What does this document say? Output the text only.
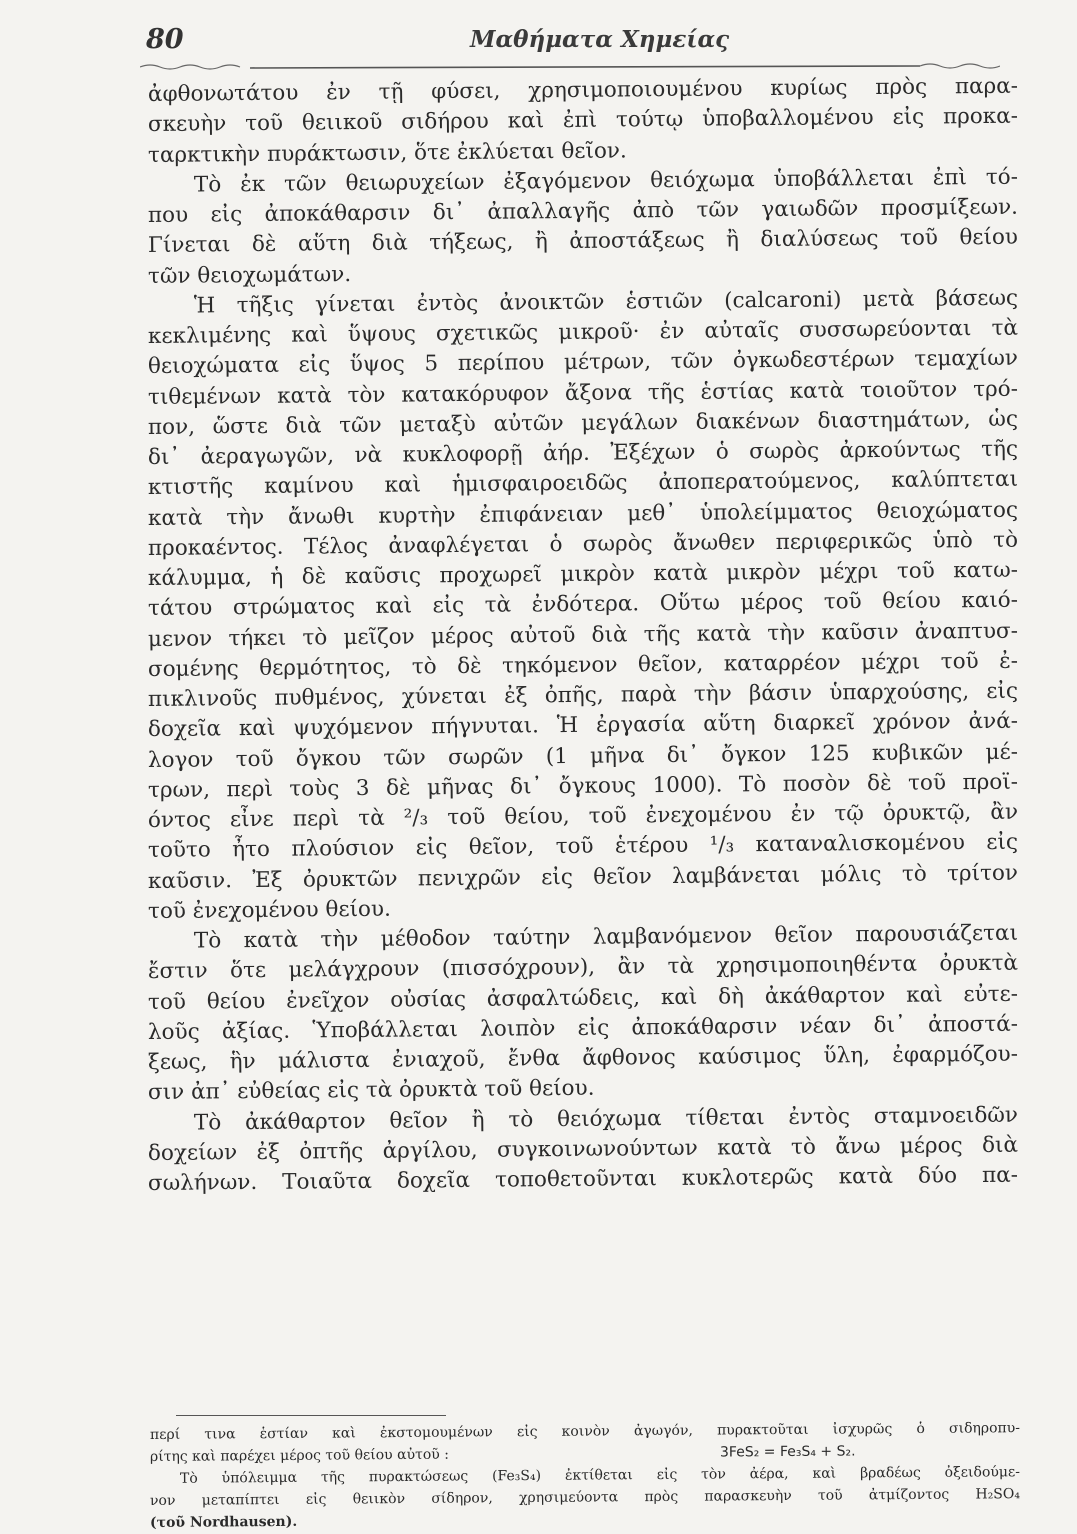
80	Μαθήματα Χημείας
ἀφθονωτάτου ἐν τῇ φύσει, χρησιμοποιουμένου κυρίως πρὸς παρα-
σκευὴν τοῦ θειικοῦ σιδήρου καὶ ἐπὶ τούτῳ ὑποβαλλομένου εἰς προκα-
ταρκτικὴν πυράκτωσιν, ὅτε ἐκλύεται θεῖον.
Τὸ ἐκ τῶν θειωρυχείων ἐξαγόμενον θειόχωμα ὑποβάλλεται ἐπὶ τό-
που εἰς ἀποκάθαρσιν δι᾽ ἀπαλλαγῆς ἀπὸ τῶν γαιωδῶν προσμίξεων.
Γίνεται δὲ αὕτη διὰ τήξεως, ἢ ἀποστάξεως ἢ διαλύσεως τοῦ θείου
τῶν θειοχωμάτων.
Ἡ τῆξις γίνεται ἐντὸς ἀνοικτῶν ἑστιῶν (calcaroni) μετὰ βάσεως
κεκλιμένης καὶ ὕψους σχετικῶς μικροῦ· ἐν αὐταῖς συσσωρεύονται τὰ
θειοχώματα εἰς ὕψος 5 περίπου μέτρων, τῶν ὀγκωδεστέρων τεμαχίων
τιθεμένων κατὰ τὸν κατακόρυφον ἄξονα τῆς ἑστίας κατὰ τοιοῦτον τρό-
πον, ὥστε διὰ τῶν μεταξὺ αὐτῶν μεγάλων διακένων διαστημάτων, ὡς
δι᾽ ἀεραγωγῶν, νὰ κυκλοφορῇ ἀήρ. Ἐξέχων ὁ σωρὸς ἀρκούντως τῆς
κτιστῆς καμίνου καὶ ἡμισφαιροειδῶς ἀποπερατούμενος, καλύπτεται
κατὰ τὴν ἄνωθι κυρτὴν ἐπιφάνειαν μεθ᾽ ὑπολείμματος θειοχώματος
προκαέντος. Τέλος ἀναφλέγεται ὁ σωρὸς ἄνωθεν περιφερικῶς ὑπὸ τὸ
κάλυμμα, ἡ δὲ καῦσις προχωρεῖ μικρὸν κατὰ μικρὸν μέχρι τοῦ κατω-
τάτου στρώματος καὶ εἰς τὰ ἐνδότερα. Οὕτω μέρος τοῦ θείου καιό-
μενον τήκει τὸ μεῖζον μέρος αὐτοῦ διὰ τῆς κατὰ τὴν καῦσιν ἀναπτυσ-
σομένης θερμότητος, τὸ δὲ τηκόμενον θεῖον, καταρρέον μέχρι τοῦ ἐ-
πικλινοῦς πυθμένος, χύνεται ἐξ ὀπῆς, παρὰ τὴν βάσιν ὑπαρχούσης, εἰς
δοχεῖα καὶ ψυχόμενον πήγνυται. Ἡ ἐργασία αὕτη διαρκεῖ χρόνον ἀνά-
λογον τοῦ ὄγκου τῶν σωρῶν (1 μῆνα δι᾽ ὄγκον 125 κυβικῶν μέ-
τρων, περὶ τοὺς 3 δὲ μῆνας δι᾽ ὄγκους 1000). Τὸ ποσὸν δὲ τοῦ προϊ-
όντος εἶνε περὶ τὰ ²/₃ τοῦ θείου, τοῦ ἐνεχομένου ἐν τῷ ὀρυκτῷ, ἂν
τοῦτο ἦτο πλούσιον εἰς θεῖον, τοῦ ἑτέρου ¹/₃ καταναλισκομένου εἰς
καῦσιν. Ἐξ ὀρυκτῶν πενιχρῶν εἰς θεῖον λαμβάνεται μόλις τὸ τρίτον
τοῦ ἐνεχομένου θείου.
Τὸ κατὰ τὴν μέθοδον ταύτην λαμβανόμενον θεῖον παρουσιάζεται
ἔστιν ὅτε μελάγχρουν (πισσόχρουν), ἂν τὰ χρησιμοποιηθέντα ὀρυκτὰ
τοῦ θείου ἐνεῖχον οὐσίας ἀσφαλτώδεις, καὶ δὴ ἀκάθαρτον καὶ εὐτε-
λοῦς ἀξίας. Ὑποβάλλεται λοιπὸν εἰς ἀποκάθαρσιν νέαν δι᾽ ἀποστά-
ξεως, ἣν μάλιστα ἐνιαχοῦ, ἔνθα ἄφθονος καύσιμος ὕλη, ἐφαρμόζου-
σιν ἀπ᾽ εὐθείας εἰς τὰ ὀρυκτὰ τοῦ θείου.
Τὸ ἀκάθαρτον θεῖον ἢ τὸ θειόχωμα τίθεται ἐντὸς σταμνοειδῶν
δοχείων ἐξ ὀπτῆς ἀργίλου, συγκοινωνούντων κατὰ τὸ ἄνω μέρος διὰ
σωλήνων. Τοιαῦτα δοχεῖα τοποθετοῦνται κυκλοτερῶς κατὰ δύο πα-
περί τινα ἑστίαν καὶ ἐκστομουμένων εἰς κοινὸν ἀγωγόν, πυρακτοῦται ἰσχυρῶς ὁ σιδηροπυ-
ρίτης καὶ παρέχει μέρος τοῦ θείου αὐτοῦ :	3FeS₂ = Fe₃S₄ + S₂.
Τὸ ὑπόλειμμα τῆς πυρακτώσεως (Fe₃S₄) ἐκτίθεται εἰς τὸν ἀέρα, καὶ βραδέως ὀξειδούμε-
νον μεταπίπτει εἰς θειικὸν σίδηρον, χρησιμεύοντα πρὸς παρασκευὴν τοῦ ἀτμίζοντος H₂SO₄
(τοῦ Nordhausen).
